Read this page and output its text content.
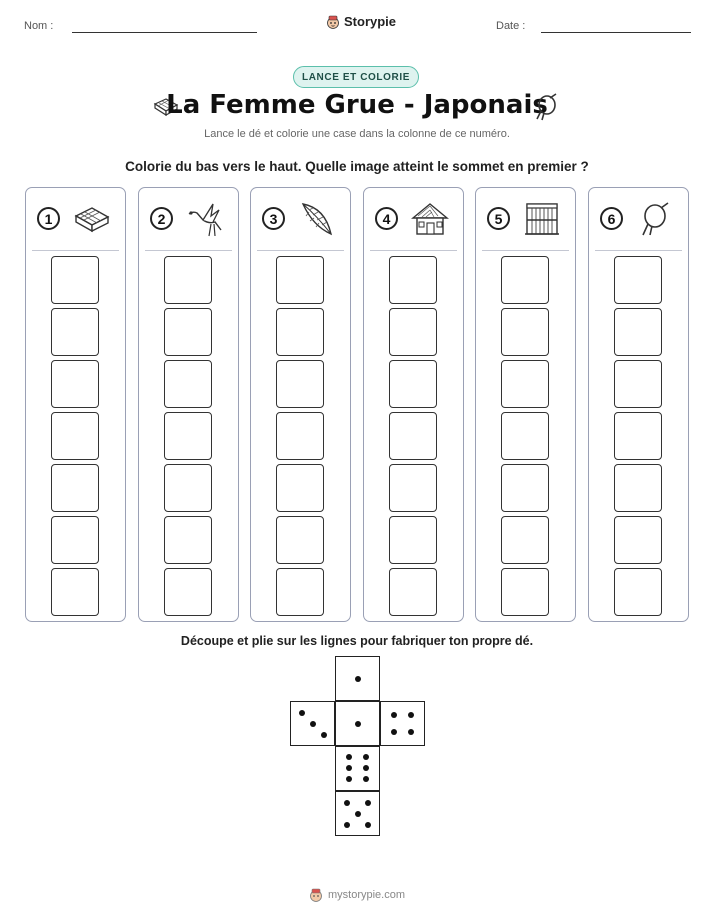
Nom :	Storypie	Date :
LANCE ET COLORIE
La Femme Grue - Japonais
Lance le dé et colorie une case dans la colonne de ce numéro.
Colorie du bas vers le haut. Quelle image atteint le sommet en premier ?
1	2	3	4	5	6
Découpe et plie sur les lignes pour fabriquer ton propre dé.
mystorypie.com
